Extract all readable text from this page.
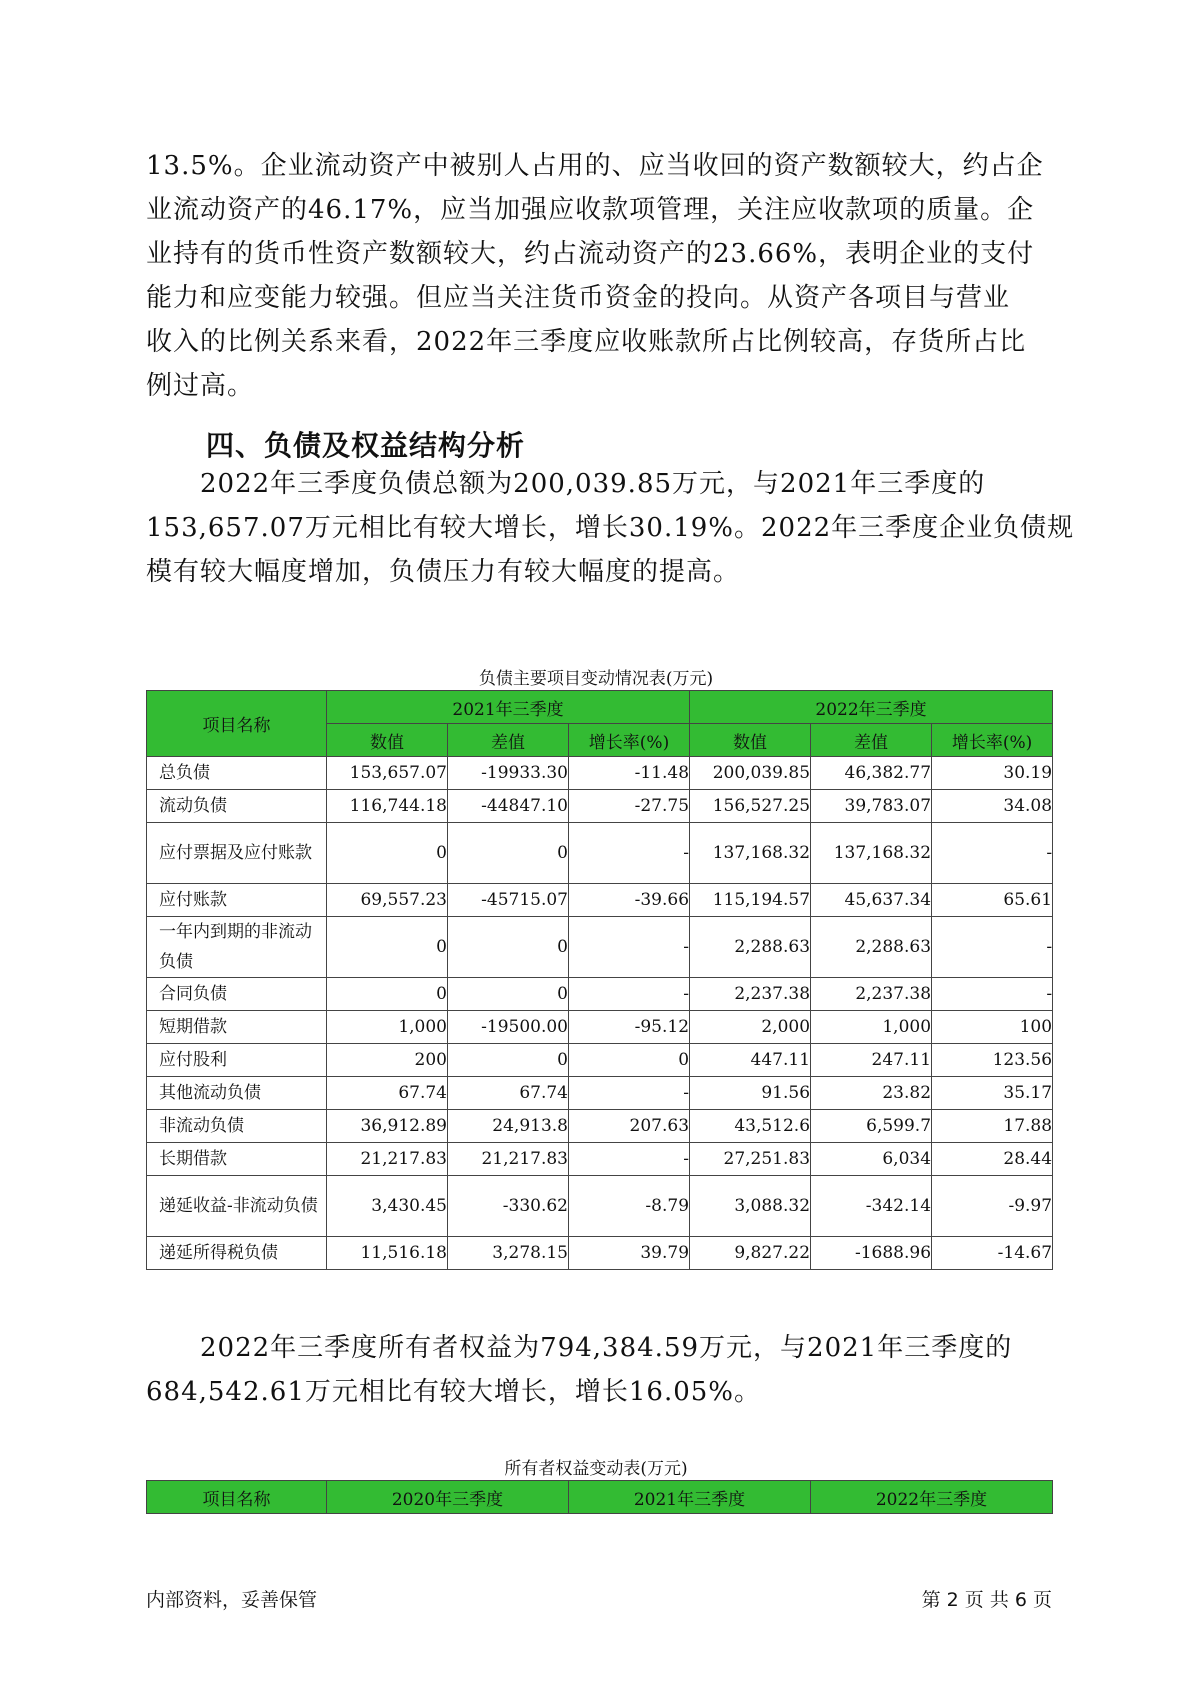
13.5%。企业流动资产中被别人占用的、应当收回的资产数额较大，约占企
业流动资产的46.17%，应当加强应收款项管理，关注应收款项的质量。企
业持有的货币性资产数额较大，约占流动资产的23.66%，表明企业的支付
能力和应变能力较强。但应当关注货币资金的投向。从资产各项目与营业
收入的比例关系来看，2022年三季度应收账款所占比例较高，存货所占比
例过高。
四、负债及权益结构分析
　　2022年三季度负债总额为200,039.85万元，与2021年三季度的
153,657.07万元相比有较大增长，增长30.19%。2022年三季度企业负债规
模有较大幅度增加，负债压力有较大幅度的提高。

负债主要项目变动情况表(万元)

项目名称	2021年三季度			2022年三季度		
	数值	差值	增长率(%)	数值	差值	增长率(%)
总负债	153,657.07	-19933.30	-11.48	200,039.85	46,382.77	30.19
流动负债	116,744.18	-44847.10	-27.75	156,527.25	39,783.07	34.08
应付票据及应付账款	0	0	-	137,168.32	137,168.32	-
应付账款	69,557.23	-45715.07	-39.66	115,194.57	45,637.34	65.61
一年内到期的非流动负债	0	0	-	2,288.63	2,288.63	-
合同负债	0	0	-	2,237.38	2,237.38	-
短期借款	1,000	-19500.00	-95.12	2,000	1,000	100
应付股利	200	0	0	447.11	247.11	123.56
其他流动负债	67.74	67.74	-	91.56	23.82	35.17
非流动负债	36,912.89	24,913.8	207.63	43,512.6	6,599.7	17.88
长期借款	21,217.83	21,217.83	-	27,251.83	6,034	28.44
递延收益-非流动负债	3,430.45	-330.62	-8.79	3,088.32	-342.14	-9.97
递延所得税负债	11,516.18	3,278.15	39.79	9,827.22	-1688.96	-14.67
　　2022年三季度所有者权益为794,384.59万元，与2021年三季度的
684,542.61万元相比有较大增长，增长16.05%。

所有者权益变动表(万元)

项目名称	2020年三季度	2021年三季度	2022年三季度
内部资料，妥善保管	第 2 页 共 6 页
